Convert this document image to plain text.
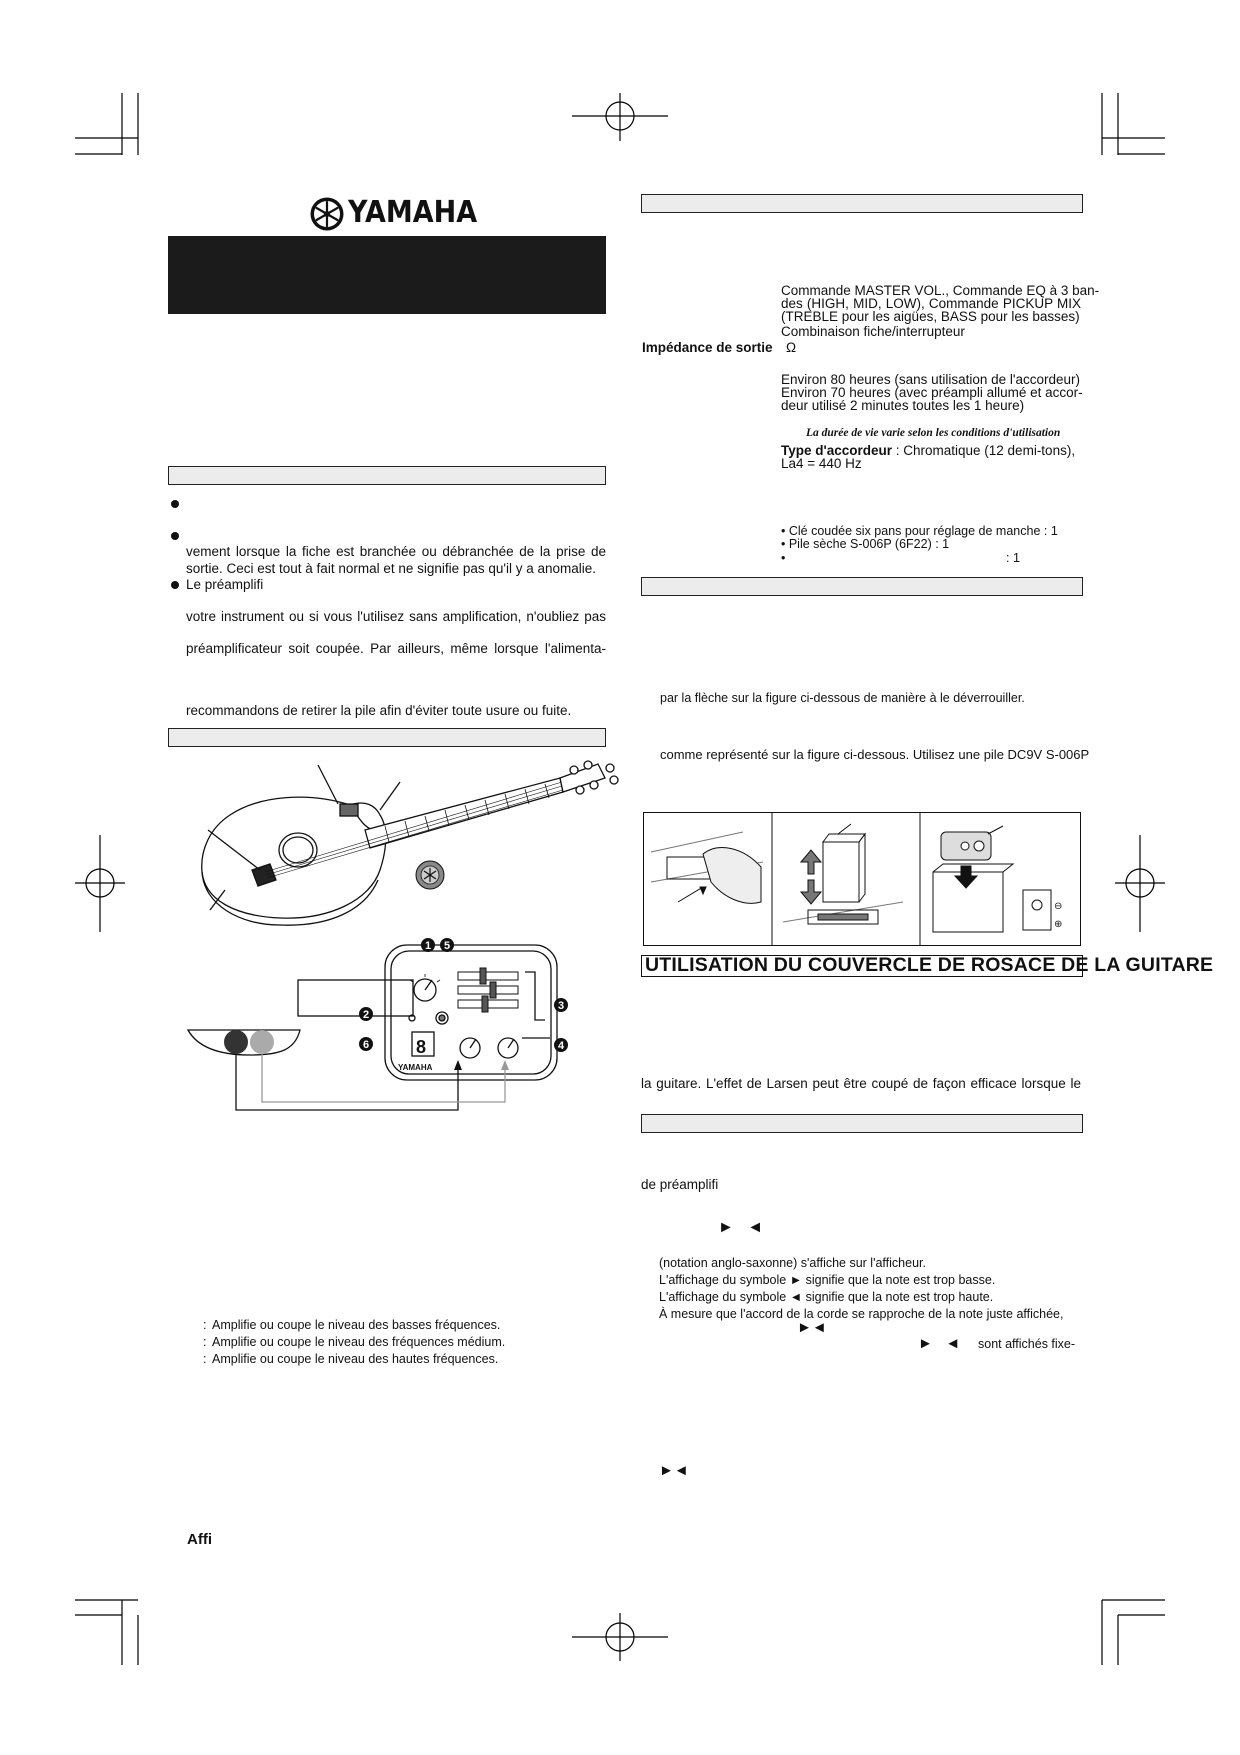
YAMAHA
vement lorsque la fiche est branchée ou débranchée de la prise de
sortie. Ceci est tout à fait normal et ne signifie pas qu'il y a anomalie.
Le préamplifi
votre instrument ou si vous l'utilisez sans amplification, n'oubliez pas
préamplificateur soit coupée. Par ailleurs, même lorsque l'alimenta-
recommandons de retirer la pile afin d'éviter toute usure ou fuite.
8
YAMAHA
1 5
2
3
6	4
: Amplifie ou coupe le niveau des basses fréquences.
: Amplifie ou coupe le niveau des fréquences médium.
: Amplifie ou coupe le niveau des hautes fréquences.
Affi
Commande MASTER VOL., Commande EQ à 3 ban-
des (HIGH, MID, LOW), Commande PICKUP MIX
(TREBLE pour les aigües, BASS pour les basses)
Combinaison fiche/interrupteur
Impédance de sortie Ω
Environ 80 heures (sans utilisation de l'accordeur)
Environ 70 heures (avec préampli allumé et accor-
deur utilisé 2 minutes toutes les 1 heure)
La durée de vie varie selon les conditions d'utilisation
Type d'accordeur : Chromatique (12 demi-tons),
La4 = 440 Hz
• Clé coudée six pans pour réglage de manche : 1
• Pile sèche S-006P (6F22) : 1
•	: 1
par la flèche sur la figure ci-dessous de manière à le déverrouiller.
comme représenté sur la figure ci-dessous. Utilisez une pile DC9V S-006P
⊖
⊕
UTILISATION DU COUVERCLE DE ROSACE DE LA GUITARE
la guitare. L'effet de Larsen peut être coupé de façon efficace lorsque le
de préamplifi
► ◄
(notation anglo-saxonne) s'affiche sur l'afficheur.
L'affichage du symbole ► signifie que la note est trop basse.
L'affichage du symbole ◄ signifie que la note est trop haute.
À mesure que l'accord de la corde se rapproche de la note juste affichée,
►◄
► ◄ sont affichés fixe-
►◄
